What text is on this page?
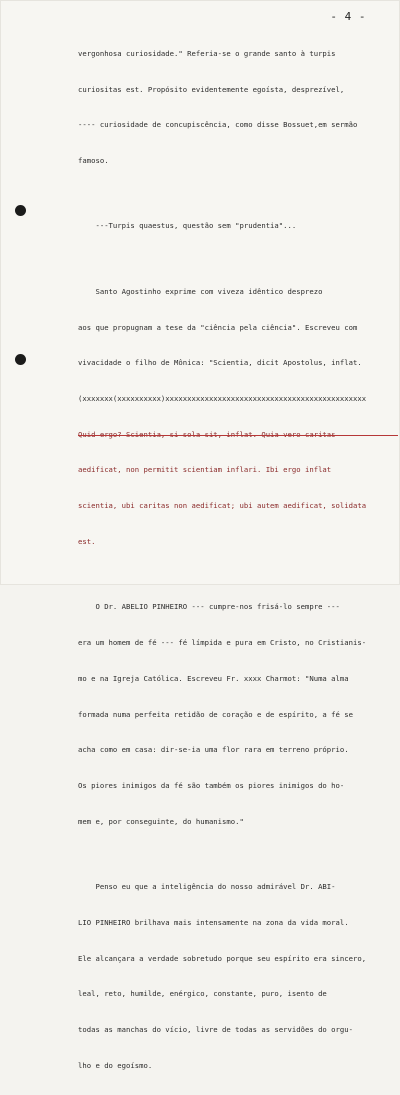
- 4 -

vergonhosa curiosidade." Referia-se o grande santo à turpis

curiositas est. Propósito evidentemente egoísta, desprezível,

---- curiosidade de concupiscência, como disse Bossuet,em sermão

famoso.

---Turpis quaestus, questão sem "prudentia"...

Santo Agostinho exprime com viveza idêntico desprezo

aos que propugnam a tese da "ciência pela ciência". Escreveu com

vivacidade o filho de Mônica: "Scientia, dicit Apostolus, inflat.

(xxxxxxx(xxxxxxxxxx)xxxxxxxxxxxxxxxxxxxxxxxxxxxxxxxxxxxxxxxxxxxxxx

Quid ergo? Scientia, si sola sit, inflat. Quia vero caritas

aedificat, non permitit scientiam inflari. Ibi ergo inflat

scientia, ubi caritas non aedificat; ubi autem aedificat, solidata

est.

O Dr. ABELIO PINHEIRO --- cumpre-nos frisá-lo sempre ---

era um homem de fé --- fé límpida e pura em Cristo, no Cristianis-

mo e na Igreja Católica. Escreveu Fr. xxxx Charmot: "Numa alma

formada numa perfeita retidão de coração e de espírito, a fé se

acha como em casa: dir-se-ia uma flor rara em terreno próprio.

Os piores inimigos da fé são também os piores inimigos do ho-

mem e, por conseguinte, do humanismo."

Penso eu que a inteligência do nosso admirável Dr. ABI-

LIO PINHEIRO brilhava mais intensamente na zona da vida moral.

Ele alcançara a verdade sobretudo porque seu espírito era sincero,

leal, reto, humilde, enérgico, constante, puro, isento de

todas as manchas do vício, livre de todas as servidões do orgu-

lho e do egoísmo.
